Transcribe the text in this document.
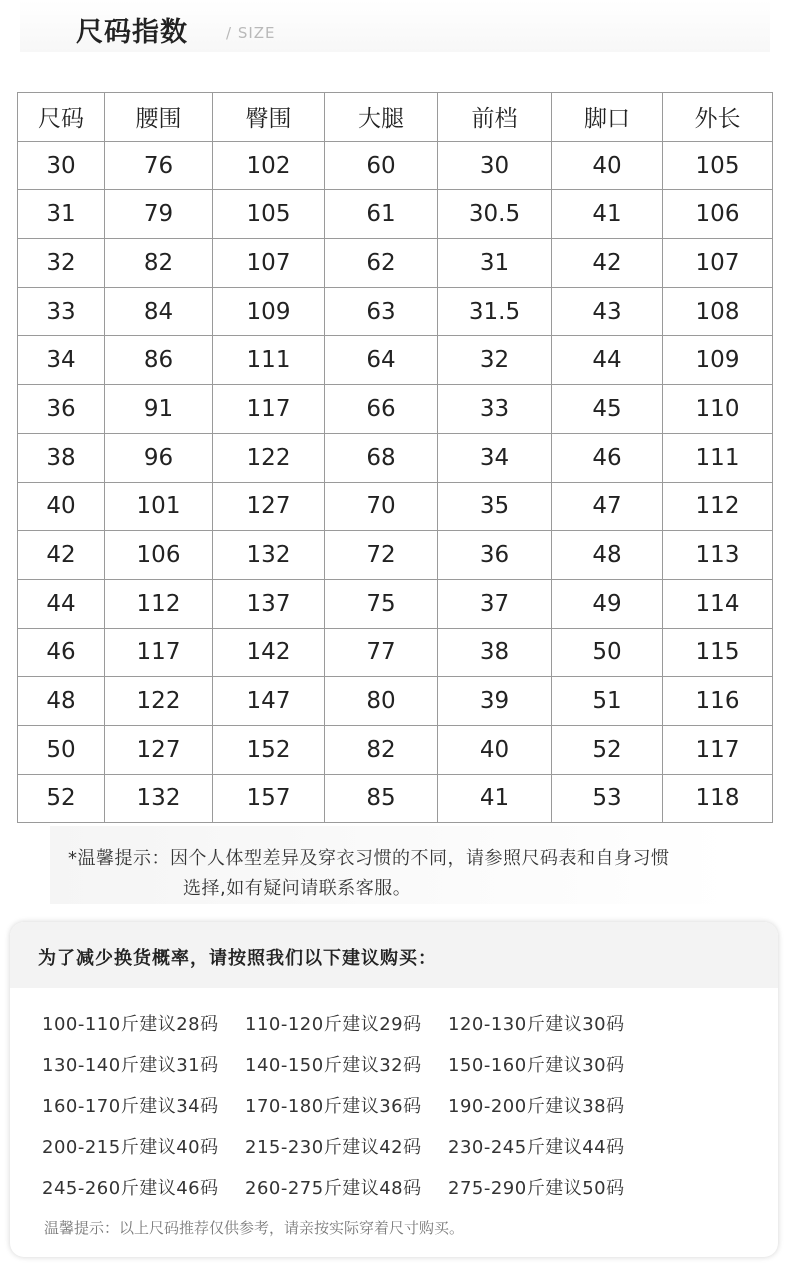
尺码指数	/ SIZE
尺码	腰围	臀围	大腿	前档	脚口	外长
30	76	102	60	30	40	105
31	79	105	61	30.5	41	106
32	82	107	62	31	42	107
33	84	109	63	31.5	43	108
34	86	111	64	32	44	109
36	91	117	66	33	45	110
38	96	122	68	34	46	111
40	101	127	70	35	47	112
42	106	132	72	36	48	113
44	112	137	75	37	49	114
46	117	142	77	38	50	115
48	122	147	80	39	51	116
50	127	152	82	40	52	117
52	132	157	85	41	53	118
*温馨提示：因个人体型差异及穿衣习惯的不同，请参照尺码表和自身习惯
选择,如有疑问请联系客服。
为了减少换货概率，请按照我们以下建议购买：
100-110斤建议28码	110-120斤建议29码	120-130斤建议30码
130-140斤建议31码	140-150斤建议32码	150-160斤建议30码
160-170斤建议34码	170-180斤建议36码	190-200斤建议38码
200-215斤建议40码	215-230斤建议42码	230-245斤建议44码
245-260斤建议46码	260-275斤建议48码	275-290斤建议50码
温馨提示：以上尺码推荐仅供参考，请亲按实际穿着尺寸购买。
